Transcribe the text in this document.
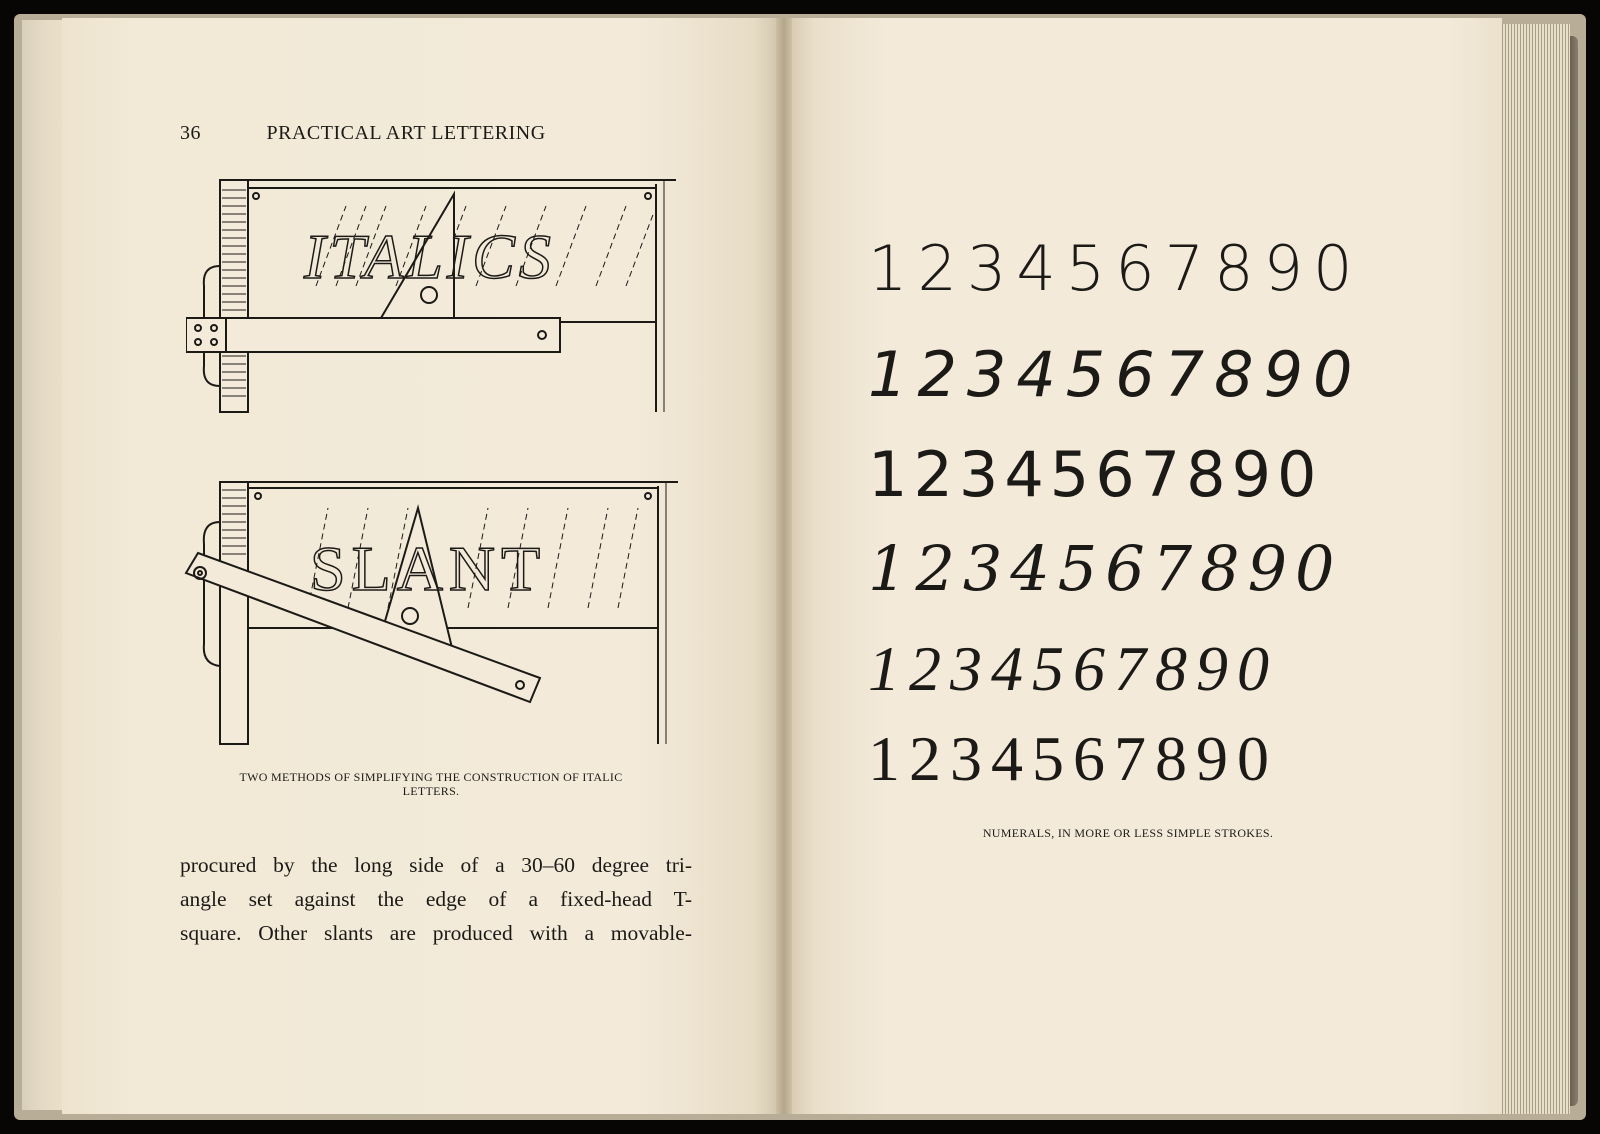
36	PRACTICAL ART LETTERING
ITALICS
SLANT
TWO METHODS OF SIMPLIFYING THE CONSTRUCTION OF ITALIC
LETTERS.
procured by the long side of a 30–60 degree tri-
angle set against the edge of a fixed-head T-
square. Other slants are produced with a movable-
1234567890
1234567890
1234567890
1234567890
1234567890
1234567890
NUMERALS, IN MORE OR LESS SIMPLE STROKES.
